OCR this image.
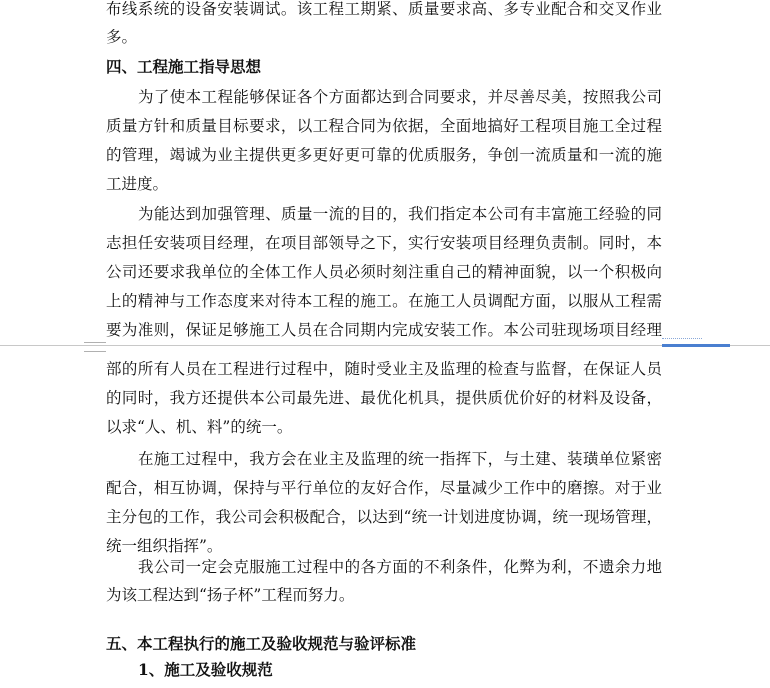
布线系统的设备安装调试。该工程工期紧、质量要求高、多专业配合和交叉作业

多。

四、工程施工指导思想

为了使本工程能够保证各个方面都达到合同要求，并尽善尽美，按照我公司

质量方针和质量目标要求，以工程合同为依据，全面地搞好工程项目施工全过程

的管理，竭诚为业主提供更多更好更可靠的优质服务，争创一流质量和一流的施

工进度。

为能达到加强管理、质量一流的目的，我们指定本公司有丰富施工经验的同

志担任安装项目经理，在项目部领导之下，实行安装项目经理负责制。同时，本

公司还要求我单位的全体工作人员必须时刻注重自己的精神面貌，以一个积极向

上的精神与工作态度来对待本工程的施工。在施工人员调配方面，以服从工程需

要为准则，保证足够施工人员在合同期内完成安装工作。本公司驻现场项目经理

部的所有人员在工程进行过程中，随时受业主及监理的检查与监督，在保证人员

的同时，我方还提供本公司最先进、最优化机具，提供质优价好的材料及设备，

以求“人、机、料”的统一。

在施工过程中，我方会在业主及监理的统一指挥下，与土建、装璜单位紧密

配合，相互协调，保持与平行单位的友好合作，尽量减少工作中的磨擦。对于业

主分包的工作，我公司会积极配合，以达到“统一计划进度协调，统一现场管理，

统一组织指挥”。

我公司一定会克服施工过程中的各方面的不利条件，化弊为利，不遗余力地

为该工程达到“扬子杯”工程而努力。

五、本工程执行的施工及验收规范与验评标准

1、施工及验收规范
